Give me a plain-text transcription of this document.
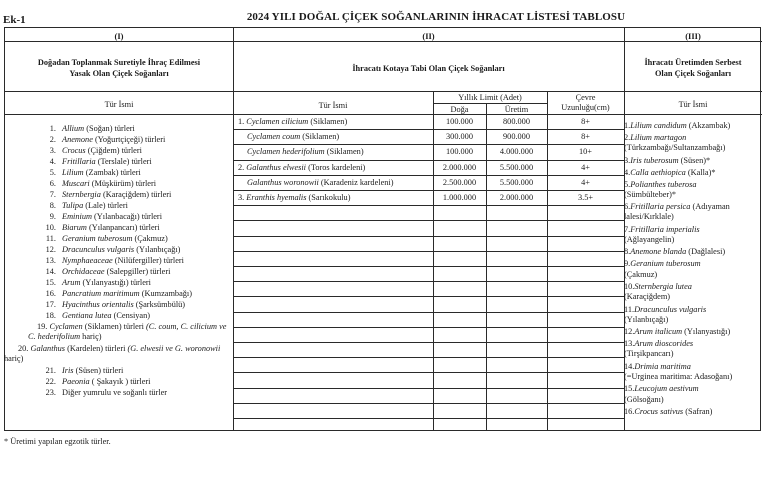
Ek-1	2024 YILI DOĞAL ÇİÇEK SOĞANLARININ İHRACAT LİSTESİ TABLOSU
(I)	(II)	(III)
Doğadan Toplanmak Suretiyle İhraç Edilmesi
Yasak Olan Çiçek Soğanları
İhracatı Kotaya Tabi Olan Çiçek Soğanları
İhracatı Üretimden Serbest
Olan Çiçek Soğanları
Tür İsmi	Tür İsmi
Yıllık Limit (Adet)
Doğa	Üretim
Çevre
Uzunluğu(cm)	Tür İsmi
1. Cyclamen cilicium (Siklamen)	100.000	800.000	8+
Cyclamen coum (Siklamen)	300.000	900.000	8+
Cyclamen hederifolium (Siklamen)	100.000	4.000.000	10+
2. Galanthus elwesii (Toros kardeleni)	2.000.000	5.500.000	4+
Galanthus woronowii (Karadeniz kardeleni)	2.500.000	5.500.000	4+
3. Eranthis hyemalis (Sarıkokulu)	1.000.000	2.000.000	3.5+
1. Allium (Soğan) türleri
2. Anemone (Yoğurtçiçeği) türleri
3. Crocus (Çiğdem) türleri
4. Fritillaria (Terslale) türleri
5. Lilium (Zambak) türleri
6. Muscari (Müşkürüm) türleri
7. Sternbergia (Karaçiğdem) türleri
8. Tulipa (Lale) türleri
9. Eminium (Yılanbacağı) türleri
10. Biarum (Yılanpancarı) türleri
11. Geranium tuberosum (Çakmuz)
12. Dracunculus vulgaris (Yılanbıçağı)
13. Nymphaeaceae (Nilüfergiller) türleri
14. Orchidaceae (Salepgiller) türleri
15. Arum (Yılanyastığı) türleri
16. Pancratium maritimum (Kumzambağı)
17. Hyacinthus orientalis (Şarksümbülü)
18. Gentiana lutea (Censiyan)
19. Cyclamen (Siklamen) türleri (C. coum, C. cilicium ve C. hederifolium hariç)
20. Galanthus (Kardelen) türleri (G. elwesii ve G. woronowii hariç)
21. Iris (Süsen) türleri
22. Paeonia ( Şakayık ) türleri
23. Diğer yumrulu ve soğanlı türler
1.Lilium candidum (Akzambak)
2.Lilium martagon
(Türkzambağı/Sultanzambağı)
3.Iris tuberosum (Süsen)*
4.Calla aethiopica (Kalla)*
5.Polianthes tuberosa
(Sümbülteber)*
6.Fritillaria persica (Adıyaman
lalesi/Kırklale)
7.Fritillaria imperialis
(Ağlayangelin)
8.Anemone blanda (Dağlalesi)
9.Geranium tuberosum
(Çakmuz)
10.Sternbergia lutea
(Karaçiğdem)
11.Dracunculus vulgaris
(Yılanbıçağı)
12.Arum italicum (Yılanyastığı)
13.Arum dioscorides
(Tirşikpancarı)
14.Drimia maritima
(=Urginea maritima: Adasoğanı)
15.Leucojum aestivum
(Gölsoğanı)
16.Crocus sativus (Safran)
* Üretimi yapılan egzotik türler.
